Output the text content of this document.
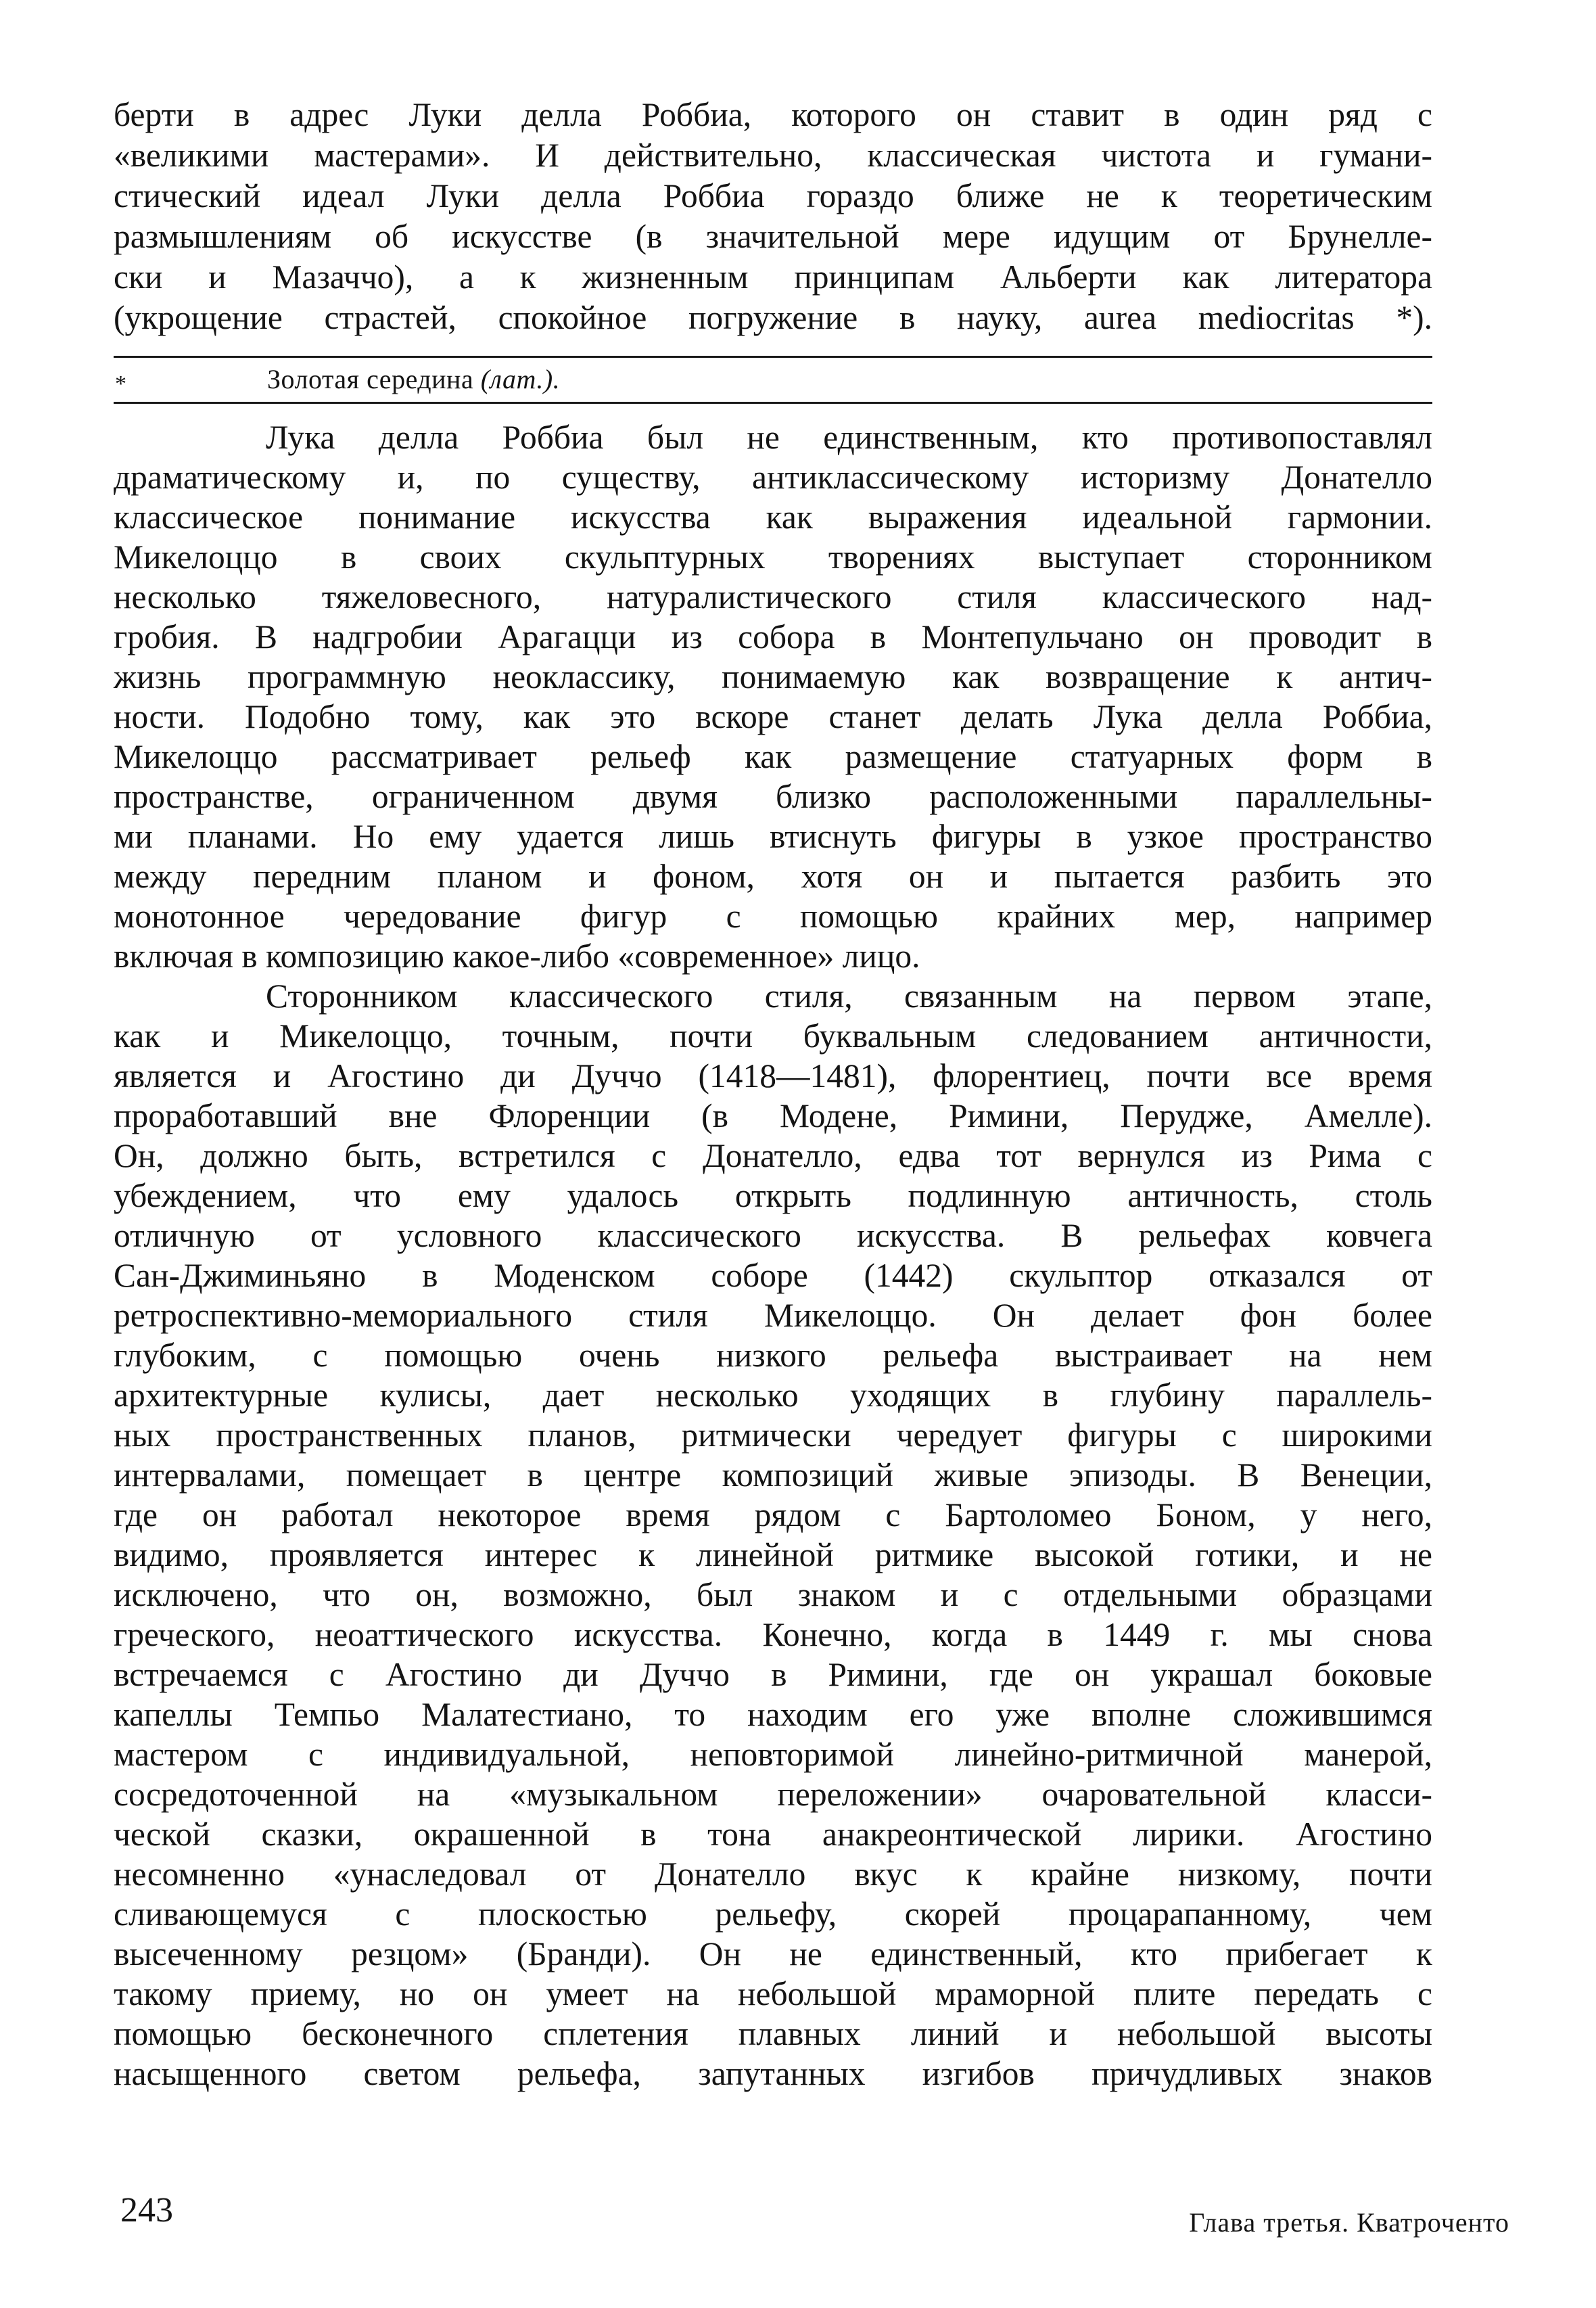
берти в адрес Луки делла Роббиа, которого он ставит в один ряд с
«великими мастерами». И действительно, классическая чистота и гумани-
стический идеал Луки делла Роббиа гораздо ближе не к теоретическим
размышлениям об искусстве (в значительной мере идущим от Брунелле-
ски и Мазаччо), а к жизненным принципам Альберти как литератора
(укрощение страстей, спокойное погружение в науку, aurea mediocritas *).
*	Золотая середина (лат.).
Лука делла Роббиа был не единственным, кто противопоставлял
драматическому и, по существу, антиклассическому историзму Донателло
классическое понимание искусства как выражения идеальной гармонии.
Микелоццо в своих скульптурных творениях выступает сторонником
несколько тяжеловесного, натуралистического стиля классического над-
гробия. В надгробии Арагацци из собора в Монтепульчано он проводит в
жизнь программную неоклассику, понимаемую как возвращение к антич-
ности. Подобно тому, как это вскоре станет делать Лука делла Роббиа,
Микелоццо рассматривает рельеф как размещение статуарных форм в
пространстве, ограниченном двумя близко расположенными параллельны-
ми планами. Но ему удается лишь втиснуть фигуры в узкое пространство
между передним планом и фоном, хотя он и пытается разбить это
монотонное чередование фигур с помощью крайних мер, например
включая в композицию какое-либо «современное» лицо.
Сторонником классического стиля, связанным на первом этапе,
как и Микелоццо, точным, почти буквальным следованием античности,
является и Агостино ди Дуччо (1418—1481), флорентиец, почти все время
проработавший вне Флоренции (в Модене, Римини, Перудже, Амелле).
Он, должно быть, встретился с Донателло, едва тот вернулся из Рима с
убеждением, что ему удалось открыть подлинную античность, столь
отличную от условного классического искусства. В рельефах ковчега
Сан-Джиминьяно в Моденском соборе (1442) скульптор отказался от
ретроспективно-мемориального стиля Микелоццо. Он делает фон более
глубоким, с помощью очень низкого рельефа выстраивает на нем
архитектурные кулисы, дает несколько уходящих в глубину параллель-
ных пространственных планов, ритмически чередует фигуры с широкими
интервалами, помещает в центре композиций живые эпизоды. В Венеции,
где он работал некоторое время рядом с Бартоломео Боном, у него,
видимо, проявляется интерес к линейной ритмике высокой готики, и не
исключено, что он, возможно, был знаком и с отдельными образцами
греческого, неоаттического искусства. Конечно, когда в 1449 г. мы снова
встречаемся с Агостино ди Дуччо в Римини, где он украшал боковые
капеллы Темпьо Малатестиано, то находим его уже вполне сложившимся
мастером с индивидуальной, неповторимой линейно-ритмичной манерой,
сосредоточенной на «музыкальном переложении» очаровательной класси-
ческой сказки, окрашенной в тона анакреонтической лирики. Агостино
несомненно «унаследовал от Донателло вкус к крайне низкому, почти
сливающемуся с плоскостью рельефу, скорей процарапанному, чем
высеченному резцом» (Бранди). Он не единственный, кто прибегает к
такому приему, но он умеет на небольшой мраморной плите передать с
помощью бесконечного сплетения плавных линий и небольшой высоты
насыщенного светом рельефа, запутанных изгибов причудливых знаков
243	Глава третья. Кватроченто
